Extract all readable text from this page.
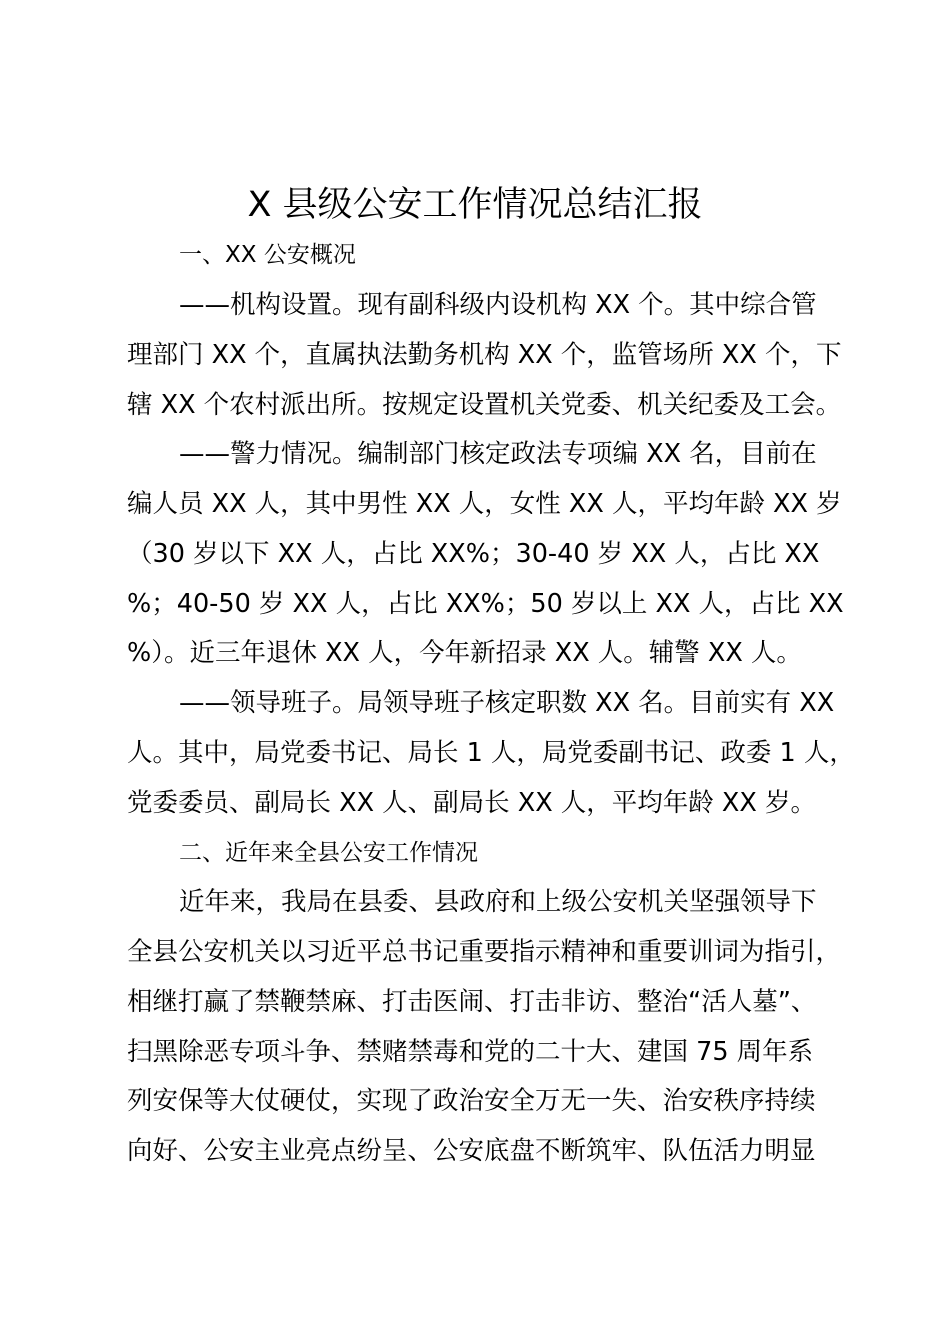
X 县级公安工作情况总结汇报
一、XX 公安概况
——机构设置。现有副科级内设机构 XX 个。其中综合管
理部门 XX 个，直属执法勤务机构 XX 个，监管场所 XX 个，下
辖 XX 个农村派出所。按规定设置机关党委、机关纪委及工会。
——警力情况。编制部门核定政法专项编 XX 名，目前在
编人员 XX 人，其中男性 XX 人，女性 XX 人，平均年龄 XX 岁
（30 岁以下 XX 人，占比 XX%；30-40 岁 XX 人，占比 XX
%；40-50 岁 XX 人，占比 XX%；50 岁以上 XX 人，占比 XX
%）。近三年退休 XX 人，今年新招录 XX 人。辅警 XX 人。
——领导班子。局领导班子核定职数 XX 名。目前实有 XX
人。其中，局党委书记、局长 1 人，局党委副书记、政委 1 人，
党委委员、副局长 XX 人、副局长 XX 人，平均年龄 XX 岁。
二、近年来全县公安工作情况
近年来，我局在县委、县政府和上级公安机关坚强领导下
全县公安机关以习近平总书记重要指示精神和重要训词为指引，
相继打赢了禁鞭禁麻、打击医闹、打击非访、整治“活人墓”、
扫黑除恶专项斗争、禁赌禁毒和党的二十大、建国 75 周年系
列安保等大仗硬仗，实现了政治安全万无一失、治安秩序持续
向好、公安主业亮点纷呈、公安底盘不断筑牢、队伍活力明显
